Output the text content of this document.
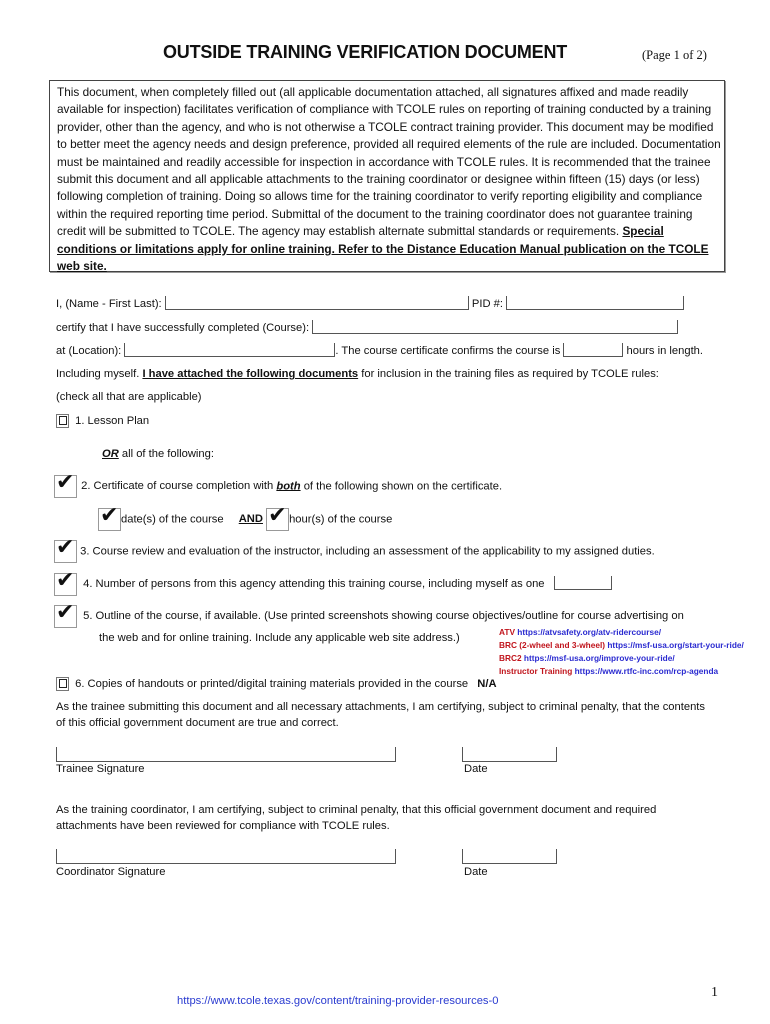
OUTSIDE TRAINING VERIFICATION DOCUMENT	(Page 1 of 2)
This document, when completely filled out (all applicable documentation attached, all signatures affixed and made readily available for inspection) facilitates verification of compliance with TCOLE rules on reporting of training conducted by a training provider, other than the agency, and who is not otherwise a TCOLE contract training provider. This document may be modified to better meet the agency needs and design preference, provided all required elements of the rule are included. Documentation must be maintained and readily accessible for inspection in accordance with TCOLE rules. It is recommended that the trainee submit this document and all applicable attachments to the training coordinator or designee within fifteen (15) days (or less) following completion of training. Doing so allows time for the training coordinator to verify reporting eligibility and compliance within the required reporting time period. Submittal of the document to the training coordinator does not guarantee training credit will be submitted to TCOLE. The agency may establish alternate submittal standards or requirements. Special conditions or limitations apply for online training. Refer to the Distance Education Manual publication on the TCOLE web site.
I, (Name - First Last):	PID #:
certify that I have successfully completed (Course):
at (Location):	. The course certificate confirms the course is	hours in length.
Including myself. I have attached the following documents for inclusion in the training files as required by TCOLE rules:
(check all that are applicable)
1. Lesson Plan
OR all of the following:
✔ 2. Certificate of course completion with both of the following shown on the certificate.
✔ date(s) of the course AND ✔ hour(s) of the course
✔ 3. Course review and evaluation of the instructor, including an assessment of the applicability to my assigned duties.
✔ 4. Number of persons from this agency attending this training course, including myself as one
✔ 5. Outline of the course, if available. (Use printed screenshots showing course objectives/outline for course advertising on
the web and for online training. Include any applicable web site address.)	ATV https://atvsafety.org/atv-ridercourse/
BRC (2-wheel and 3-wheel) https://msf-usa.org/start-your-ride/
BRC2 https://msf-usa.org/improve-your-ride/
Instructor Training https://www.rtfc-inc.com/rcp-agenda
6. Copies of handouts or printed/digital training materials provided in the course N/A
As the trainee submitting this document and all necessary attachments, I am certifying, subject to criminal penalty, that the contents of this official government document are true and correct.
Trainee Signature	Date
As the training coordinator, I am certifying, subject to criminal penalty, that this official government document and required attachments have been reviewed for compliance with TCOLE rules.
Coordinator Signature	Date
https://www.tcole.texas.gov/content/training-provider-resources-0
1
